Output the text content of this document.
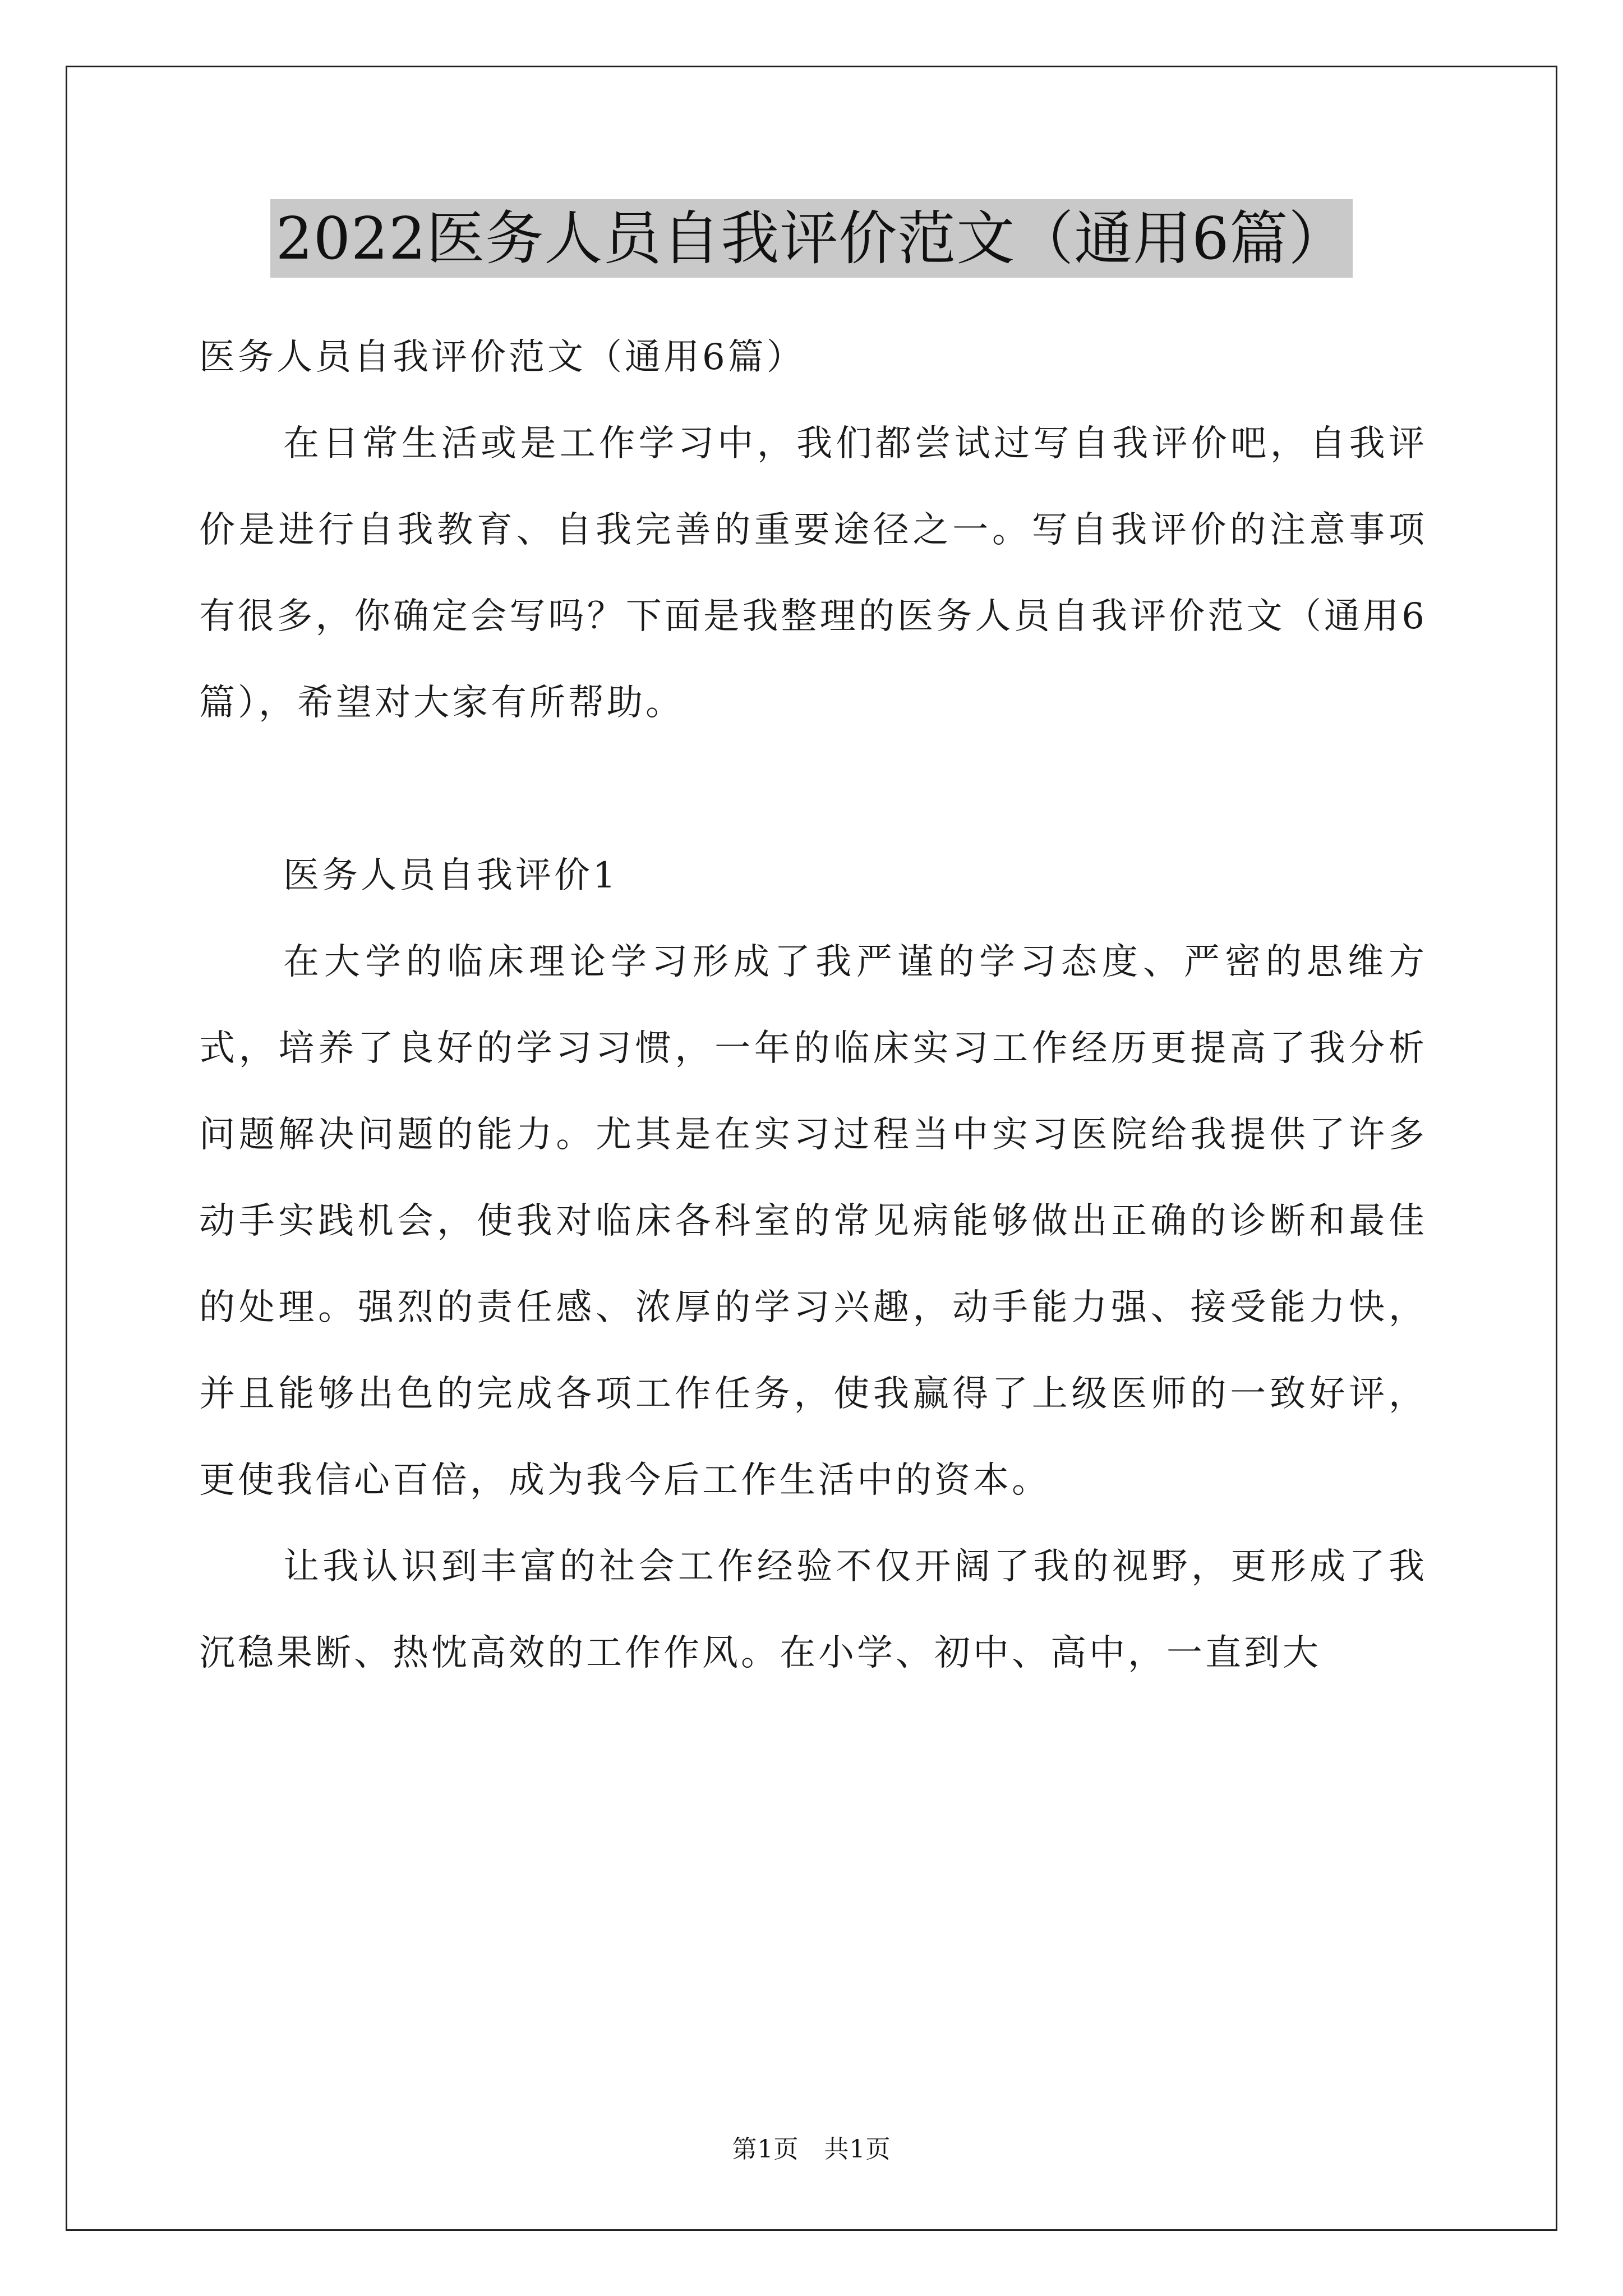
2022医务人员自我评价范文（通用6篇）

医务人员自我评价范文（通用6篇）

在日常生活或是工作学习中，我们都尝试过写自我评价吧，自我评价是进行自我教育、自我完善的重要途径之一。写自我评价的注意事项有很多，你确定会写吗？下面是我整理的医务人员自我评价范文（通用6篇），希望对大家有所帮助。

医务人员自我评价1

在大学的临床理论学习形成了我严谨的学习态度、严密的思维方式，培养了良好的学习习惯，一年的临床实习工作经历更提高了我分析问题解决问题的能力。尤其是在实习过程当中实习医院给我提供了许多动手实践机会，使我对临床各科室的常见病能够做出正确的诊断和最佳的处理。强烈的责任感、浓厚的学习兴趣，动手能力强、接受能力快，并且能够出色的完成各项工作任务，使我赢得了上级医师的一致好评，更使我信心百倍，成为我今后工作生活中的资本。

让我认识到丰富的社会工作经验不仅开阔了我的视野，更形成了我沉稳果断、热忱高效的工作作风。在小学、初中、高中，一直到大

第1页　共1页
